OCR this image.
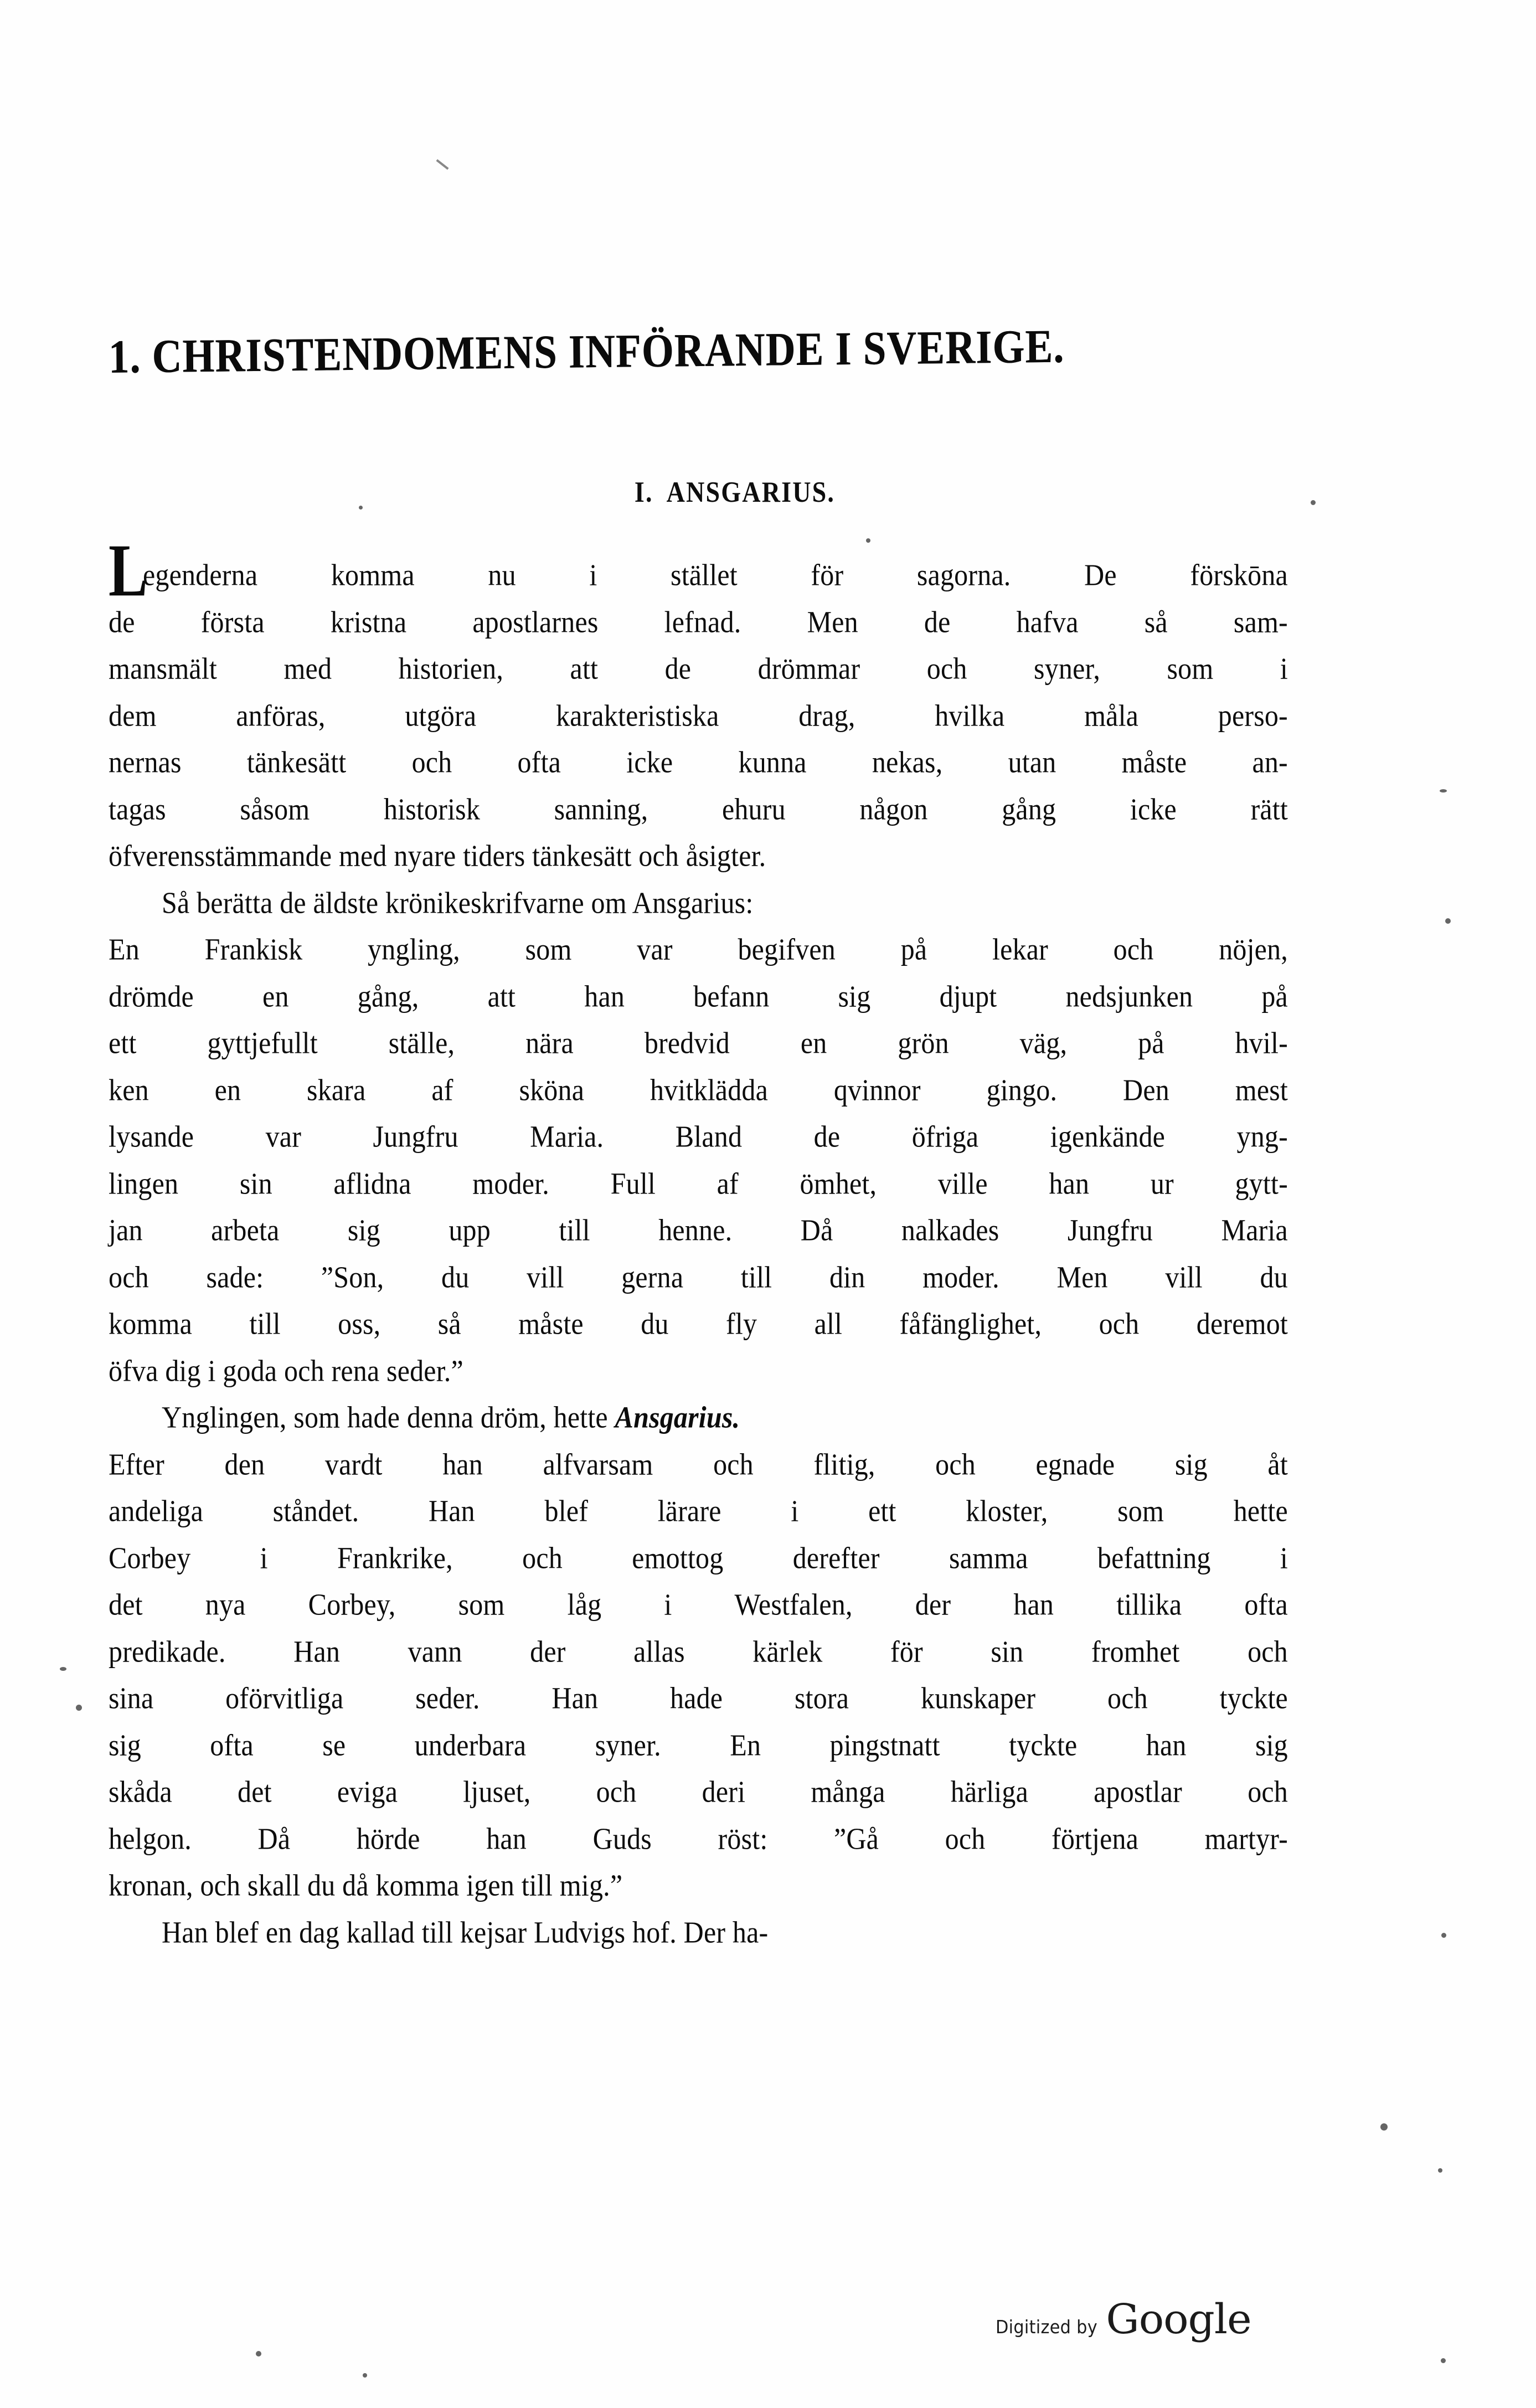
1. CHRISTENDOMENS INFÖRANDE I SVERIGE.
I. ANSGARIUS.
L
egenderna	komma	nu	i	stället	för	sagorna.	De	förskōna
de första kristna apostlarnes lefnad. Men de hafva så sam-
mansmält med historien, att de drömmar och syner, som i
dem	anföras,	utgöra	karakteristiska	drag,	hvilka	måla	perso-
nernas tänkesätt och ofta icke kunna nekas, utan måste an-
tagas	såsom	historisk	sanning,	ehuru	någon	gång	icke	rätt
öfverensstämmande med nyare tiders tänkesätt och åsigter.
Så berätta de äldste krönikeskrifvarne om Ansgarius:
En Frankisk yngling, som var begifven på lekar och nöjen,
drömde en gång, att han befann sig djupt nedsjunken på
ett	gyttjefullt	ställe,	nära	bredvid	en	grön	väg,	på	hvil-
ken en skara af sköna hvitklädda qvinnor gingo. Den mest
lysande	var	Jungfru	Maria.	Bland	de	öfriga	igenkände	yng-
lingen sin aflidna moder. Full af ömhet, ville han ur gytt-
jan arbeta sig upp till henne. Då nalkades Jungfru Maria
och sade: ”Son, du vill gerna till din moder. Men vill du
komma till oss, så måste du fly all fåfänglighet, och deremot
öfva dig i goda och rena seder.”
Ynglingen, som hade denna dröm, hette Ansgarius.
Efter den vardt han alfvarsam och flitig, och egnade sig åt
andeliga	ståndet.	Han	blef	lärare	i	ett	kloster,	som	hette
Corbey	i	Frankrike,	och	emottog	derefter	samma	befattning	i
det nya Corbey, som låg i Westfalen, der han tillika ofta
predikade. Han vann der allas kärlek för sin fromhet och
sina	oförvitliga	seder.	Han	hade	stora	kunskaper	och	tyckte
sig ofta se underbara syner. En pingstnatt tyckte han sig
skåda det eviga ljuset, och deri många härliga apostlar och
helgon. Då hörde han Guds röst: ”Gå och förtjena martyr-
kronan, och skall du då komma igen till mig.”
Han blef en dag kallad till kejsar Ludvigs hof. Der ha-
Digitized by Google
